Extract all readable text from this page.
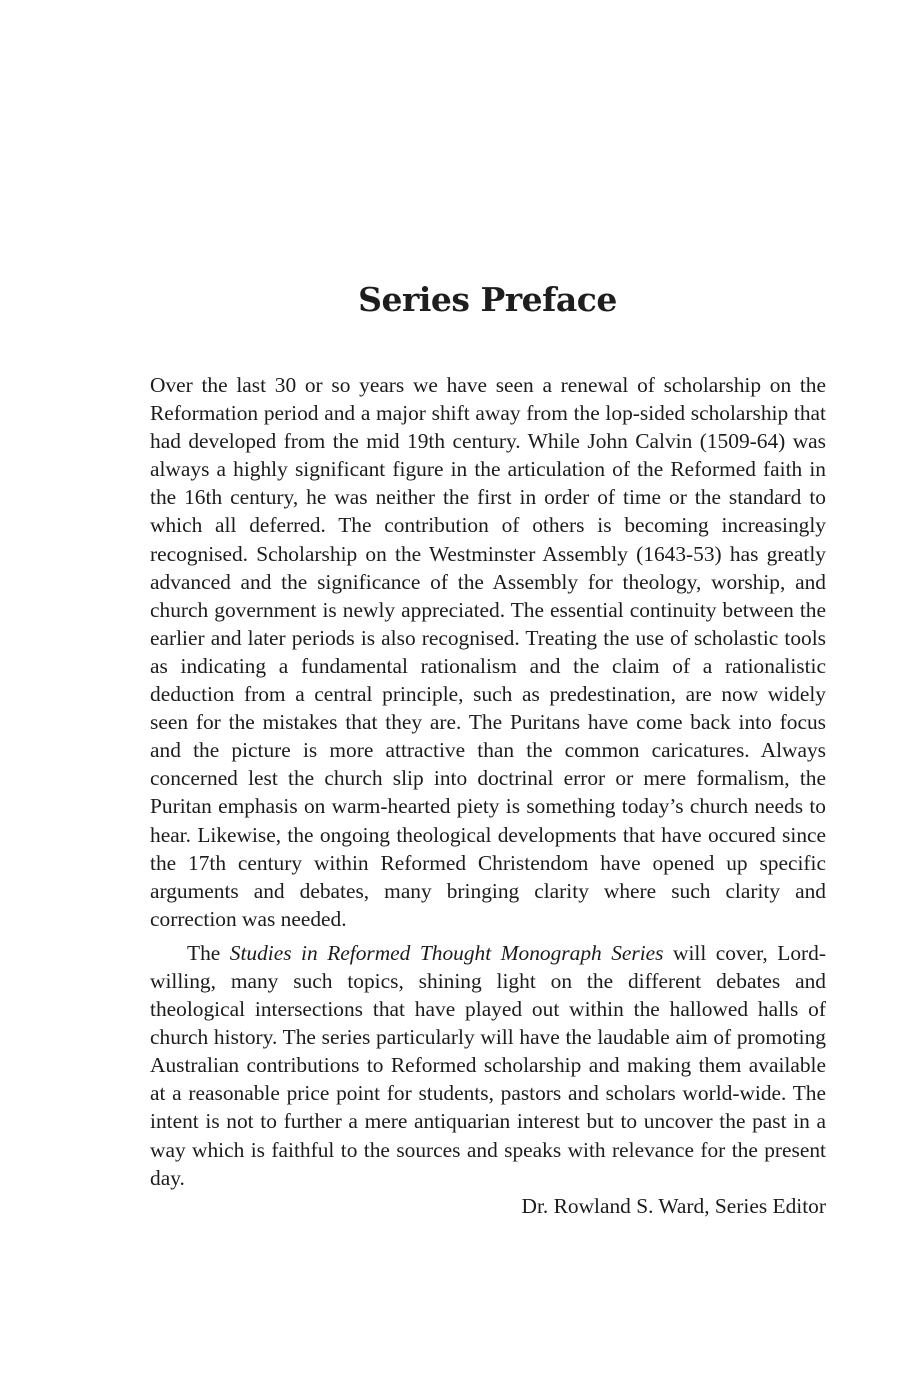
Series Preface

Over the last 30 or so years we have seen a renewal of scholarship on the Reformation period and a major shift away from the lop-sided scholarship that had developed from the mid 19th century. While John Calvin (1509-64) was always a highly significant figure in the articulation of the Reformed faith in the 16th century, he was neither the first in order of time or the standard to which all deferred. The contribution of others is becoming increasingly recognised. Scholarship on the Westminster Assembly (1643-53) has greatly advanced and the significance of the Assembly for theology, worship, and church government is newly appreciated. The essential continuity between the earlier and later periods is also recognised. Treating the use of scholastic tools as indicating a fundamental rationalism and the claim of a rationalistic deduction from a central principle, such as predestination, are now widely seen for the mistakes that they are. The Puritans have come back into focus and the picture is more attractive than the common caricatures. Always concerned lest the church slip into doctrinal error or mere formalism, the Puritan emphasis on warm-hearted piety is something today’s church needs to hear. Likewise, the ongoing theological developments that have occured since the 17th century within Reformed Christendom have opened up specific arguments and debates, many bringing clarity where such clarity and correction was needed.

The Studies in Reformed Thought Monograph Series will cover, Lord-willing, many such topics, shining light on the different debates and theological intersections that have played out within the hallowed halls of church history. The series particularly will have the laudable aim of promoting Australian contributions to Reformed scholarship and making them available at a reasonable price point for students, pastors and scholars world-wide. The intent is not to further a mere antiquarian interest but to uncover the past in a way which is faithful to the sources and speaks with relevance for the present day.

Dr. Rowland S. Ward, Series Editor
